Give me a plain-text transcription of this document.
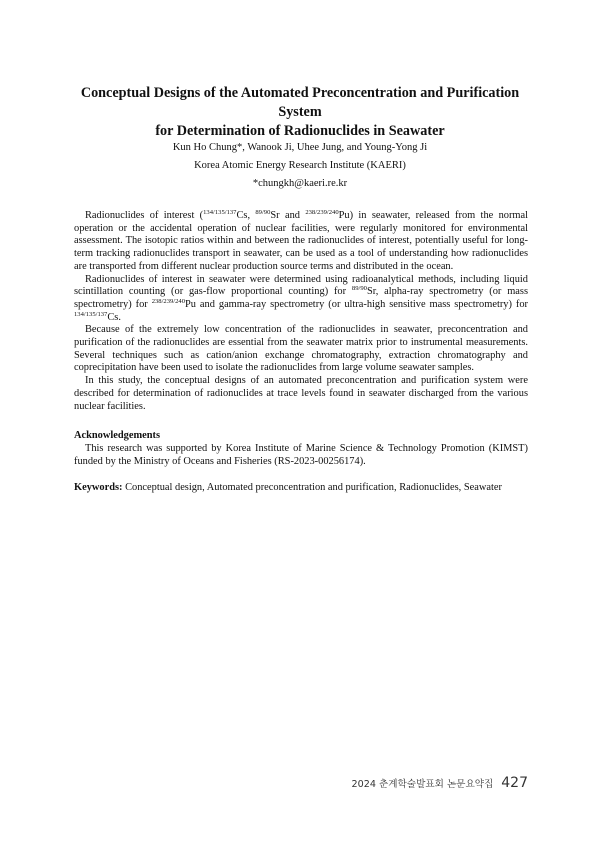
Conceptual Designs of the Automated Preconcentration and Purification System
for Determination of Radionuclides in Seawater
Kun Ho Chung*, Wanook Ji, Uhee Jung, and Young-Yong Ji
Korea Atomic Energy Research Institute (KAERI)
*chungkh@kaeri.re.kr

Radionuclides of interest ($^{134/135/137}$Cs, $^{89/90}$Sr and $^{238/239/240}$Pu) in seawater, released from the normal operation or the accidental operation of nuclear facilities, were regularly monitored for environmental assessment. The isotopic ratios within and between the radionuclides of interest, potentially useful for long-term tracking radionuclides transport in seawater, can be used as a tool of understanding how radionuclides are transported from different nuclear production source terms and distributed in the ocean.

Radionuclides of interest in seawater were determined using radioanalytical methods, including liquid scintillation counting (or gas-flow proportional counting) for $^{89/90}$Sr, alpha-ray spectrometry (or mass spectrometry) for $^{238/239/240}$Pu and gamma-ray spectrometry (or ultra-high sensitive mass spectrometry) for $^{134/135/137}$Cs.

Because of the extremely low concentration of the radionuclides in seawater, preconcentration and purification of the radionuclides are essential from the seawater matrix prior to instrumental measurements. Several techniques such as cation/anion exchange chromatography, extraction chromatography and coprecipitation have been used to isolate the radionuclides from large volume seawater samples.

In this study, the conceptual designs of an automated preconcentration and purification system were described for determination of radionuclides at trace levels found in seawater discharged from the various nuclear facilities.

Acknowledgements

This research was supported by Korea Institute of Marine Science & Technology Promotion (KIMST) funded by the Ministry of Oceans and Fisheries (RS-2023-00256174).

Keywords: Conceptual design, Automated preconcentration and purification, Radionuclides, Seawater
2024 춘계학술발표회 논문요약집 427
